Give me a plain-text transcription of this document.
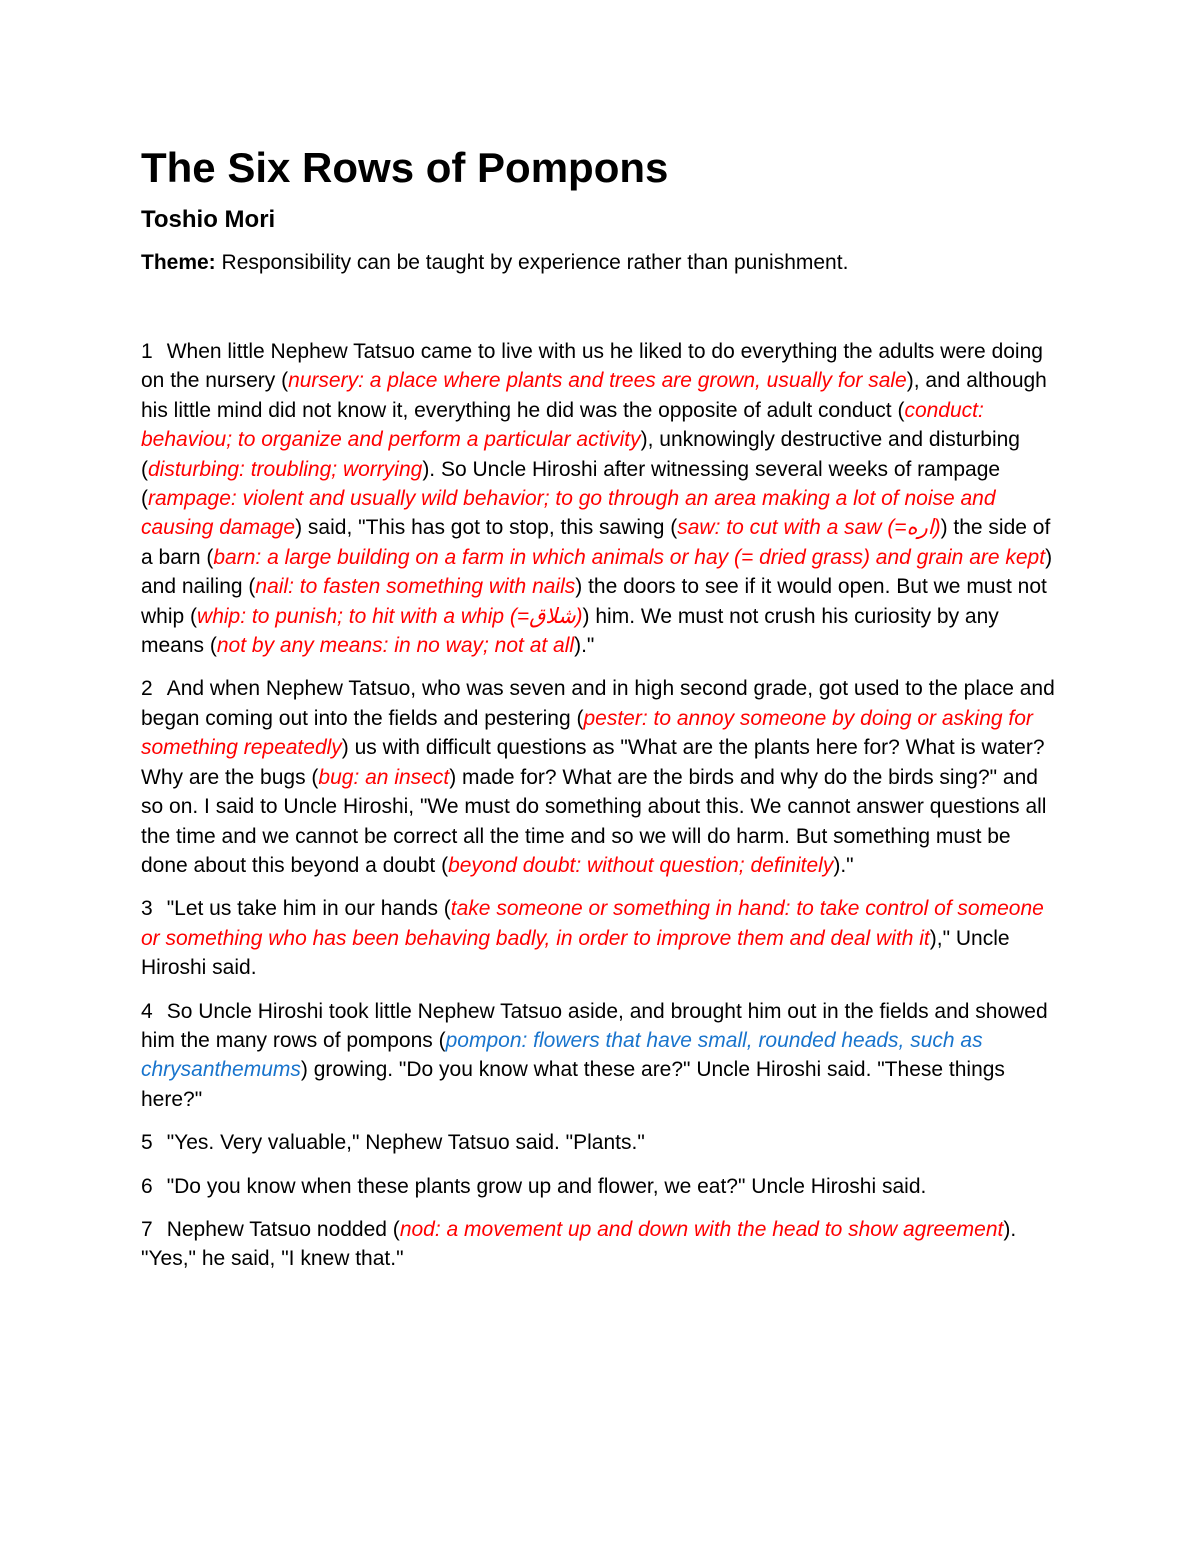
The Six Rows of Pompons
Toshio Mori

Theme: Responsibility can be taught by experience rather than punishment.

1 When little Nephew Tatsuo came to live with us he liked to do everything the adults were doing on the nursery (nursery: a place where plants and trees are grown, usually for sale), and although his little mind did not know it, everything he did was the opposite of adult conduct (conduct: behaviou; to organize and perform a particular activity), unknowingly destructive and disturbing (disturbing: troubling; worrying). So Uncle Hiroshi after witnessing several weeks of rampage (rampage: violent and usually wild behavior; to go through an area making a lot of noise and causing damage) said, "This has got to stop, this sawing (saw: to cut with a saw (=اره)) the side of a barn (barn: a large building on a farm in which animals or hay (= dried grass) and grain are kept) and nailing (nail: to fasten something with nails) the doors to see if it would open. But we must not whip (whip: to punish; to hit with a whip (=شلاق)) him. We must not crush his curiosity by any means (not by any means: in no way; not at all)."

2 And when Nephew Tatsuo, who was seven and in high second grade, got used to the place and began coming out into the fields and pestering (pester: to annoy someone by doing or asking for something repeatedly) us with difficult questions as "What are the plants here for? What is water? Why are the bugs (bug: an insect) made for? What are the birds and why do the birds sing?" and so on. I said to Uncle Hiroshi, "We must do something about this. We cannot answer questions all the time and we cannot be correct all the time and so we will do harm. But something must be done about this beyond a doubt (beyond doubt: without question; definitely)."

3 "Let us take him in our hands (take someone or something in hand: to take control of someone or something who has been behaving badly, in order to improve them and deal with it)," Uncle Hiroshi said.

4 So Uncle Hiroshi took little Nephew Tatsuo aside, and brought him out in the fields and showed him the many rows of pompons (pompon: flowers that have small, rounded heads, such as chrysanthemums) growing. "Do you know what these are?" Uncle Hiroshi said. "These things here?"

5 "Yes. Very valuable," Nephew Tatsuo said. "Plants."

6 "Do you know when these plants grow up and flower, we eat?" Uncle Hiroshi said.

7 Nephew Tatsuo nodded (nod: a movement up and down with the head to show agreement). "Yes," he said, "I knew that."
